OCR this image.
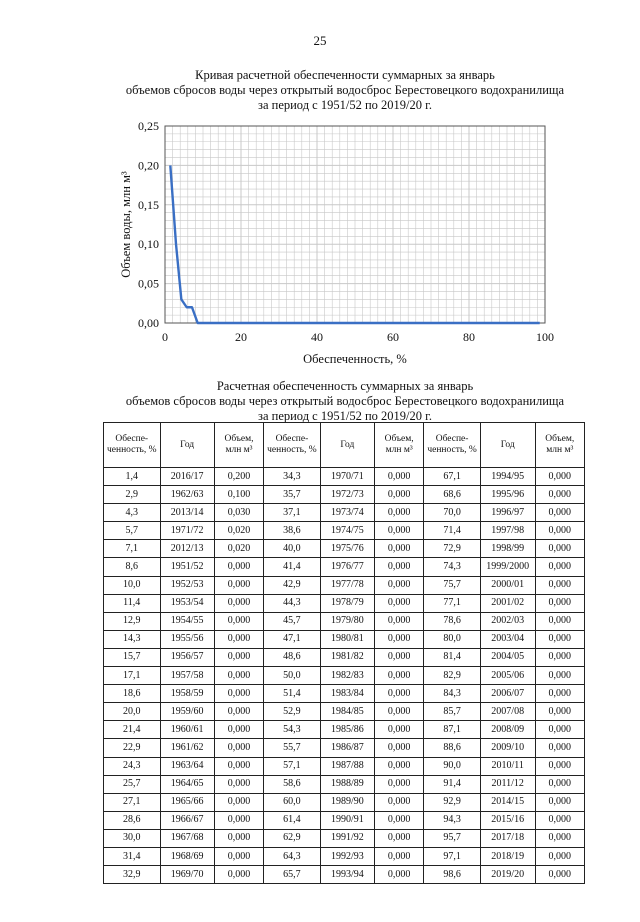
25
Кривая расчетной обеспеченности суммарных за январь
объемов сбросов воды через открытый водосброс Берестовецкого водохранилища
за период с 1951/52 по 2019/20 г.
0,00
0,05
0,10
0,15
0,20
0,25
0	20	40	60	80	100
Обеспеченность, %
Объем воды, млн м³
Расчетная обеспеченность суммарных за январь
объемов сбросов воды через открытый водосброс Берестовецкого водохранилища
за период с 1951/52 по 2019/20 г.
Обеспе-ченность, %	Год	Объем, млн м³	Обеспе-ченность, %	Год	Объем, млн м³	Обеспе-ченность, %	Год	Объем, млн м³
1,4	2016/17	0,200	34,3	1970/71	0,000	67,1	1994/95	0,000
2,9	1962/63	0,100	35,7	1972/73	0,000	68,6	1995/96	0,000
4,3	2013/14	0,030	37,1	1973/74	0,000	70,0	1996/97	0,000
5,7	1971/72	0,020	38,6	1974/75	0,000	71,4	1997/98	0,000
7,1	2012/13	0,020	40,0	1975/76	0,000	72,9	1998/99	0,000
8,6	1951/52	0,000	41,4	1976/77	0,000	74,3	1999/2000	0,000
10,0	1952/53	0,000	42,9	1977/78	0,000	75,7	2000/01	0,000
11,4	1953/54	0,000	44,3	1978/79	0,000	77,1	2001/02	0,000
12,9	1954/55	0,000	45,7	1979/80	0,000	78,6	2002/03	0,000
14,3	1955/56	0,000	47,1	1980/81	0,000	80,0	2003/04	0,000
15,7	1956/57	0,000	48,6	1981/82	0,000	81,4	2004/05	0,000
17,1	1957/58	0,000	50,0	1982/83	0,000	82,9	2005/06	0,000
18,6	1958/59	0,000	51,4	1983/84	0,000	84,3	2006/07	0,000
20,0	1959/60	0,000	52,9	1984/85	0,000	85,7	2007/08	0,000
21,4	1960/61	0,000	54,3	1985/86	0,000	87,1	2008/09	0,000
22,9	1961/62	0,000	55,7	1986/87	0,000	88,6	2009/10	0,000
24,3	1963/64	0,000	57,1	1987/88	0,000	90,0	2010/11	0,000
25,7	1964/65	0,000	58,6	1988/89	0,000	91,4	2011/12	0,000
27,1	1965/66	0,000	60,0	1989/90	0,000	92,9	2014/15	0,000
28,6	1966/67	0,000	61,4	1990/91	0,000	94,3	2015/16	0,000
30,0	1967/68	0,000	62,9	1991/92	0,000	95,7	2017/18	0,000
31,4	1968/69	0,000	64,3	1992/93	0,000	97,1	2018/19	0,000
32,9	1969/70	0,000	65,7	1993/94	0,000	98,6	2019/20	0,000
